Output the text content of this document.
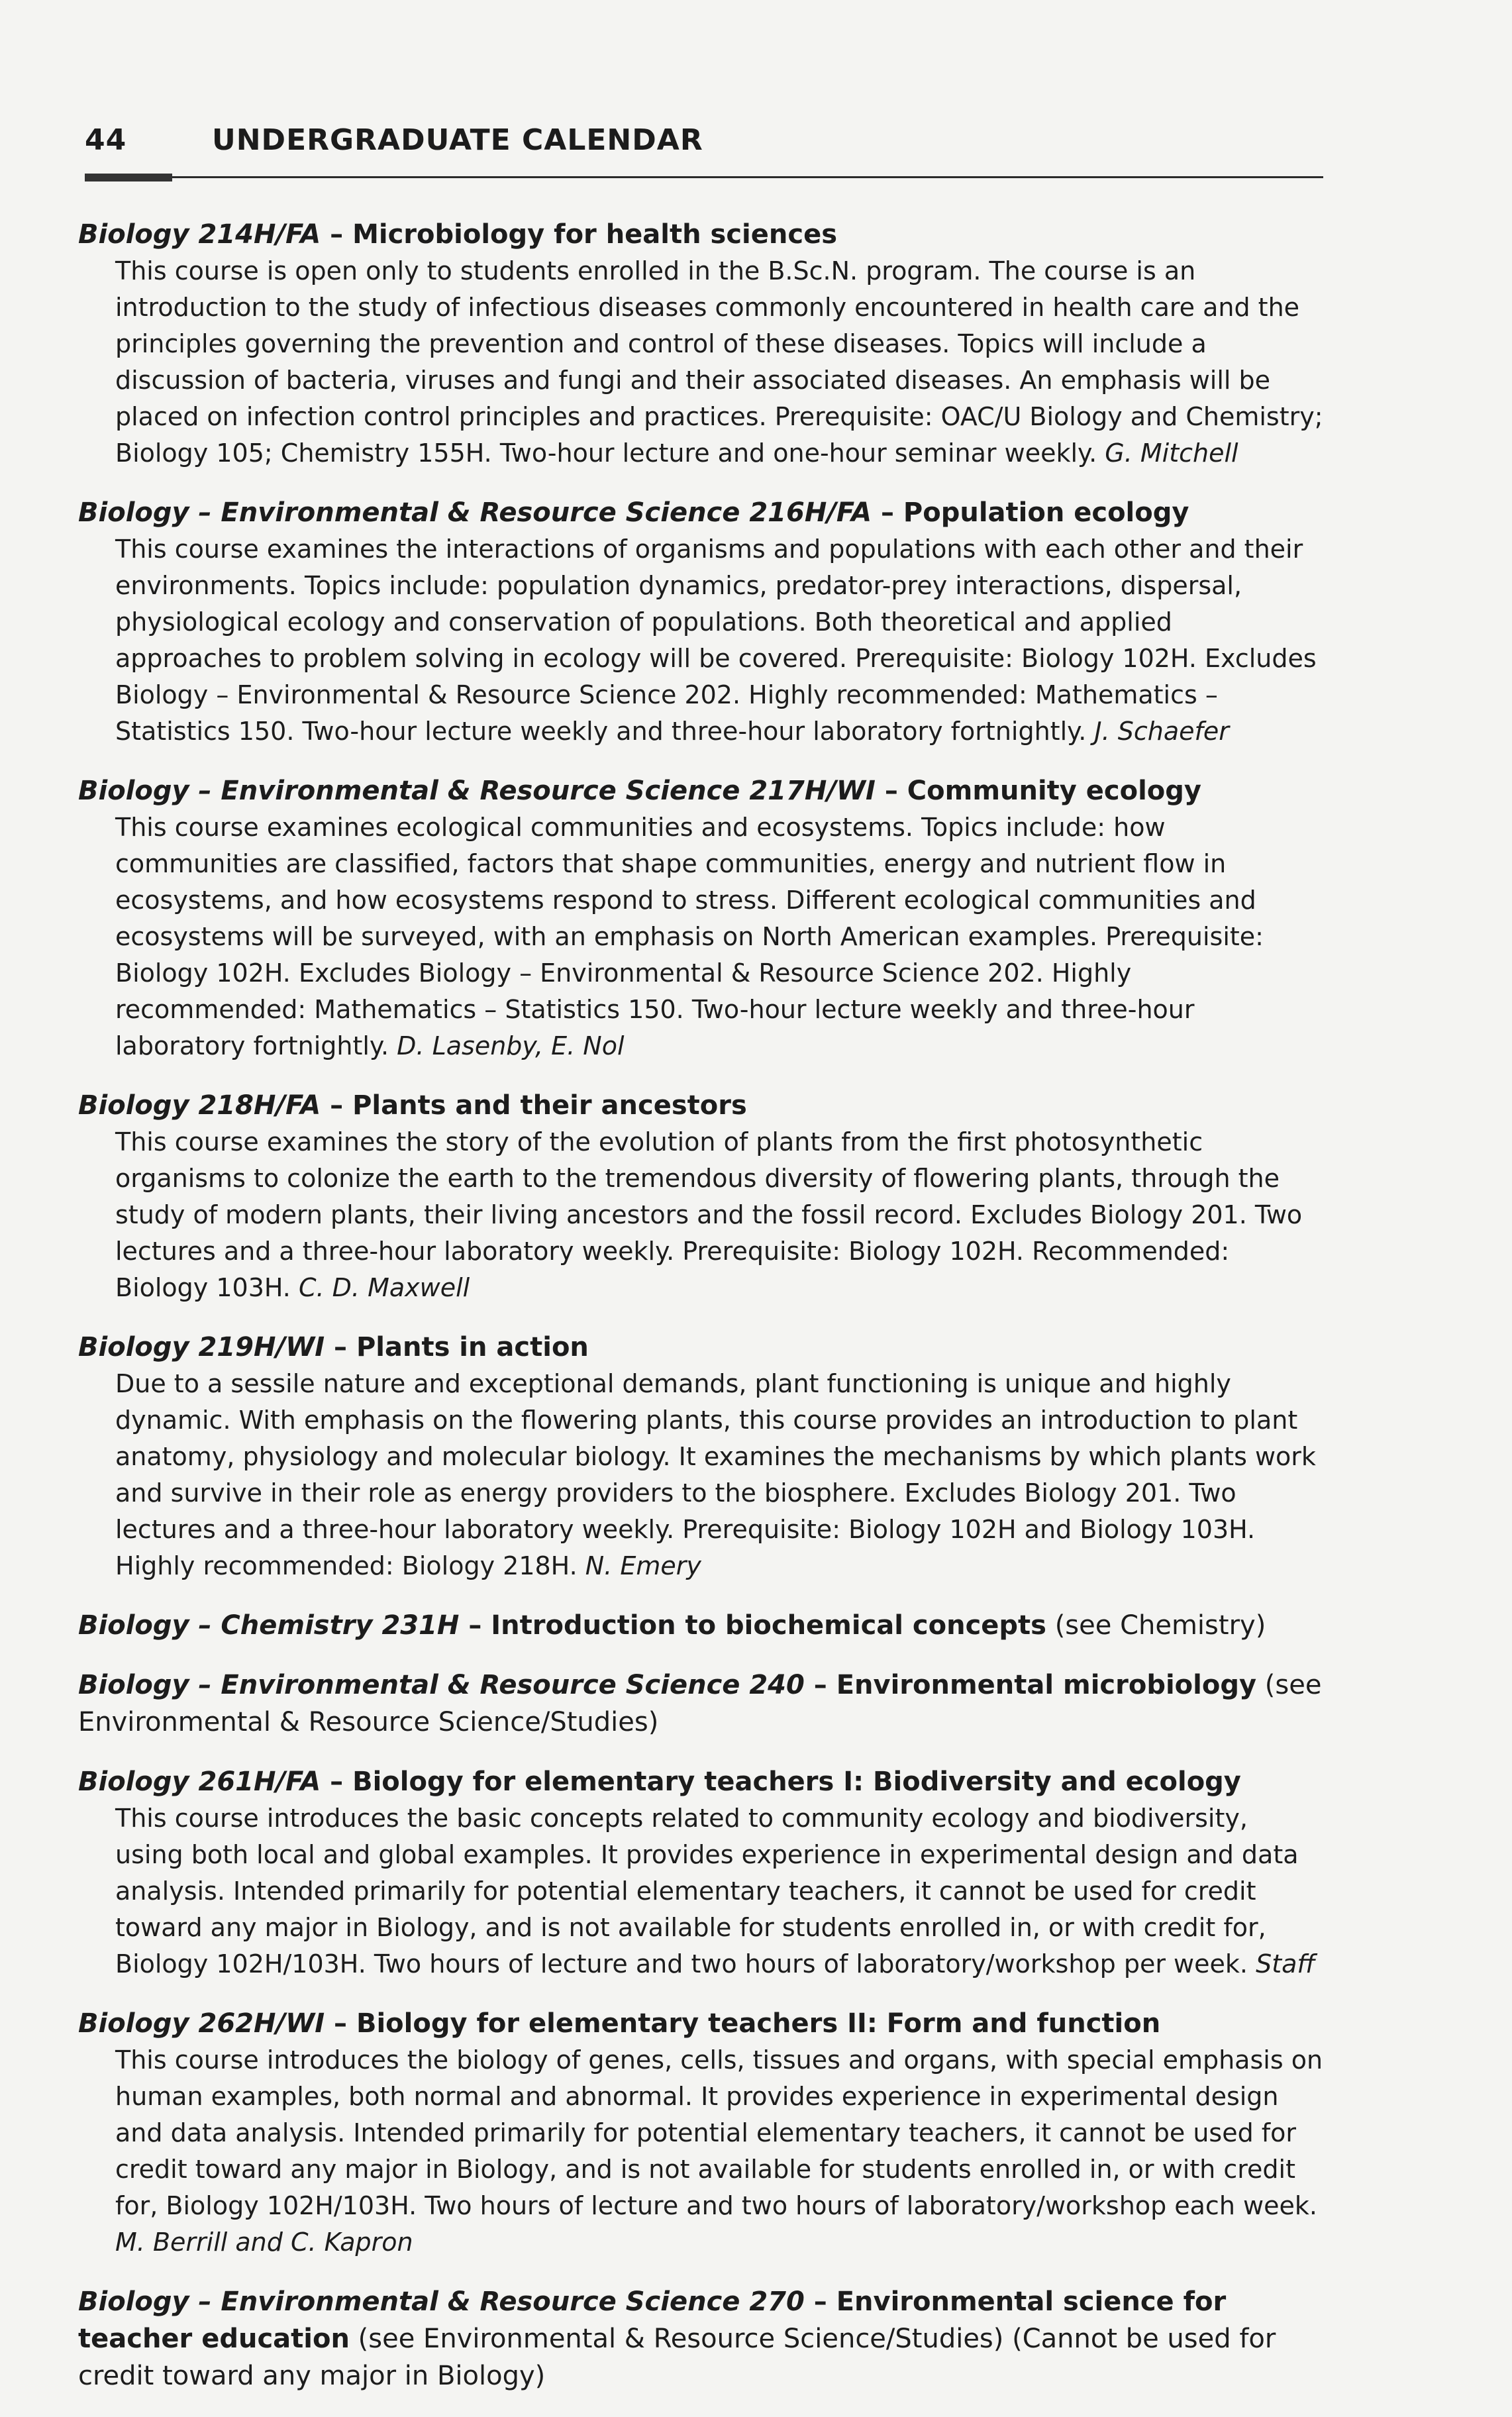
44	UNDERGRADUATE CALENDAR
Biology 214H/FA – Microbiology for health sciences

This course is open only to students enrolled in the B.Sc.N. program. The course is an introduction to the study of infectious diseases commonly encountered in health care and the principles governing the prevention and control of these diseases. Topics will include a discussion of bacteria, viruses and fungi and their associated diseases. An emphasis will be placed on infection control principles and practices. Prerequisite: OAC/U Biology and Chemistry; Biology 105; Chemistry 155H. Two-hour lecture and one-hour seminar weekly. G. Mitchell

Biology – Environmental & Resource Science 216H/FA – Population ecology

This course examines the interactions of organisms and populations with each other and their environments. Topics include: population dynamics, predator-prey interactions, dispersal, physiological ecology and conservation of populations. Both theoretical and applied approaches to problem solving in ecology will be covered. Prerequisite: Biology 102H. Excludes Biology – Environmental & Resource Science 202. Highly recommended: Mathematics – Statistics 150. Two-hour lecture weekly and three-hour laboratory fortnightly. J. Schaefer

Biology – Environmental & Resource Science 217H/WI – Community ecology

This course examines ecological communities and ecosystems. Topics include: how communities are classified, factors that shape communities, energy and nutrient flow in ecosystems, and how ecosystems respond to stress. Different ecological communities and ecosystems will be surveyed, with an emphasis on North American examples. Prerequisite: Biology 102H. Excludes Biology – Environmental & Resource Science 202. Highly recommended: Mathematics – Statistics 150. Two-hour lecture weekly and three-hour laboratory fortnightly. D. Lasenby, E. Nol

Biology 218H/FA – Plants and their ancestors

This course examines the story of the evolution of plants from the first photosynthetic organisms to colonize the earth to the tremendous diversity of flowering plants, through the study of modern plants, their living ancestors and the fossil record. Excludes Biology 201. Two lectures and a three-hour laboratory weekly. Prerequisite: Biology 102H. Recommended: Biology 103H. C. D. Maxwell

Biology 219H/WI – Plants in action

Due to a sessile nature and exceptional demands, plant functioning is unique and highly dynamic. With emphasis on the flowering plants, this course provides an introduction to plant anatomy, physiology and molecular biology. It examines the mechanisms by which plants work and survive in their role as energy providers to the biosphere. Excludes Biology 201. Two lectures and a three-hour laboratory weekly. Prerequisite: Biology 102H and Biology 103H. Highly recommended: Biology 218H. N. Emery

Biology – Chemistry 231H – Introduction to biochemical concepts (see Chemistry)
Biology – Environmental & Resource Science 240 – Environmental microbiology (see Environmental & Resource Science/Studies)
Biology 261H/FA – Biology for elementary teachers I: Biodiversity and ecology

This course introduces the basic concepts related to community ecology and biodiversity, using both local and global examples. It provides experience in experimental design and data analysis. Intended primarily for potential elementary teachers, it cannot be used for credit toward any major in Biology, and is not available for students enrolled in, or with credit for, Biology 102H/103H. Two hours of lecture and two hours of laboratory/workshop per week. Staff

Biology 262H/WI – Biology for elementary teachers II: Form and function

This course introduces the biology of genes, cells, tissues and organs, with special emphasis on human examples, both normal and abnormal. It provides experience in experimental design and data analysis. Intended primarily for potential elementary teachers, it cannot be used for credit toward any major in Biology, and is not available for students enrolled in, or with credit for, Biology 102H/103H. Two hours of lecture and two hours of laboratory/workshop each week. M. Berrill and C. Kapron

Biology – Environmental & Resource Science 270 – Environmental science for teacher education (see Environmental & Resource Science/Studies) (Cannot be used for credit toward any major in Biology)
